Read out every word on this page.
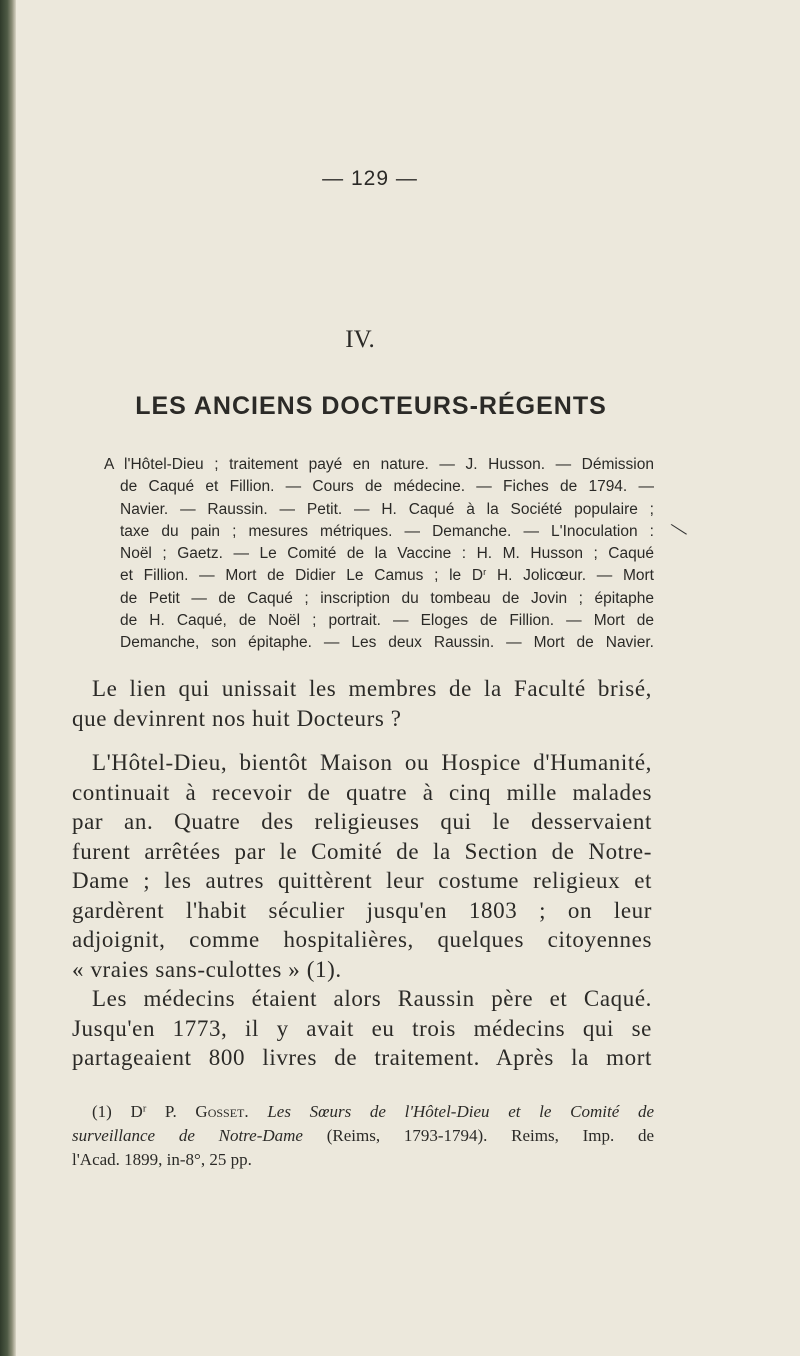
— 129 —
IV.
LES ANCIENS DOCTEURS-RÉGENTS
A l'Hôtel-Dieu ; traitement payé en nature. — J. Husson. — Démission
de Caqué et Fillion. — Cours de médecine. — Fiches de 1794. —
Navier. — Raussin. — Petit. — H. Caqué à la Société populaire ;
taxe du pain ; mesures métriques. — Demanche. — L'Inoculation :
Noël ; Gaetz. — Le Comité de la Vaccine : H. M. Husson ; Caqué
et Fillion. — Mort de Didier Le Camus ; le $D^r$ H. Jolicœur. — Mort
de Petit — de Caqué ; inscription du tombeau de Jovin ; épitaphe
de H. Caqué, de Noël ; portrait. — Eloges de Fillion. — Mort de
Demanche, son épitaphe. — Les deux Raussin. — Mort de Navier.
╲
Le lien qui unissait les membres de la Faculté brisé,
que devinrent nos huit Docteurs ?
L'Hôtel-Dieu, bientôt Maison ou Hospice d'Humanité,
continuait à recevoir de quatre à cinq mille malades
par an. Quatre des religieuses qui le desservaient
furent arrêtées par le Comité de la Section de Notre-
Dame ; les autres quittèrent leur costume religieux et
gardèrent l'habit séculier jusqu'en 1803 ; on leur
adjoignit, comme hospitalières, quelques citoyennes
« vraies sans-culottes » (1).
Les médecins étaient alors Raussin père et Caqué.
Jusqu'en 1773, il y avait eu trois médecins qui se
partageaient 800 livres de traitement. Après la mort
(1) $D^r$ P. Gosset. Les Sœurs de l'Hôtel-Dieu et le Comité de
surveillance de Notre-Dame (Reims, 1793-1794). Reims, Imp. de
l'Acad. 1899, in-8°, 25 pp.
